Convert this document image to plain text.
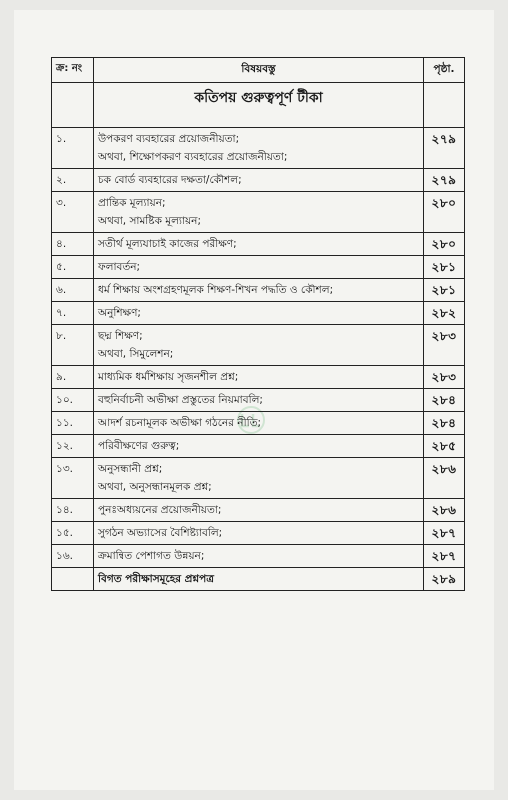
ক্র: নং	বিষয়বস্তু	পৃষ্ঠা.
	কতিপয় গুরুত্বপূর্ণ টীকা	
১.	উপকরণ ব্যবহারের প্রয়োজনীয়তা;
অথবা, শিক্ষোপকরণ ব্যবহারের প্রয়োজনীয়তা;	২৭৯
২.	চক বোর্ড ব্যবহারের দক্ষতা/কৌশল;	২৭৯
৩.	প্রান্তিক মূল্যায়ন;
অথবা, সামষ্টিক মূল্যায়ন;	২৮০
৪.	সতীর্থ মূল্যযাচাই কাজের পরীক্ষণ;	২৮০
৫.	ফলাবর্তন;	২৮১
৬.	ধর্ম শিক্ষায় অংশগ্রহণমূলক শিক্ষণ-শিখন পদ্ধতি ও কৌশল;	২৮১
৭.	অনুশিক্ষণ;	২৮২
৮.	ছদ্ম শিক্ষণ;
অথবা, সিমুলেশন;	২৮৩
৯.	মাধ্যমিক ধর্মশিক্ষায় সৃজনশীল প্রশ্ন;	২৮৩
১০.	বহুনির্বাচনী অভীক্ষা প্রস্তুতের নিয়মাবলি;	২৮৪
১১.	আদর্শ রচনামূলক অভীক্ষা গঠনের নীতি;	২৮৪
১২.	পরিবীক্ষণের গুরুত্ব;	২৮৫
১৩.	অনুসন্ধানী প্রশ্ন;
অথবা, অনুসন্ধানমূলক প্রশ্ন;	২৮৬
১৪.	পুনঃঅধ্যয়নের প্রয়োজনীয়তা;	২৮৬
১৫.	সুগঠন অভ্যাসের বৈশিষ্ট্যাবলি;	২৮৭
১৬.	ক্রমান্বিত পেশাগত উন্নয়ন;	২৮৭
	বিগত পরীক্ষাসমূহের প্রশ্নপত্র	২৮৯
